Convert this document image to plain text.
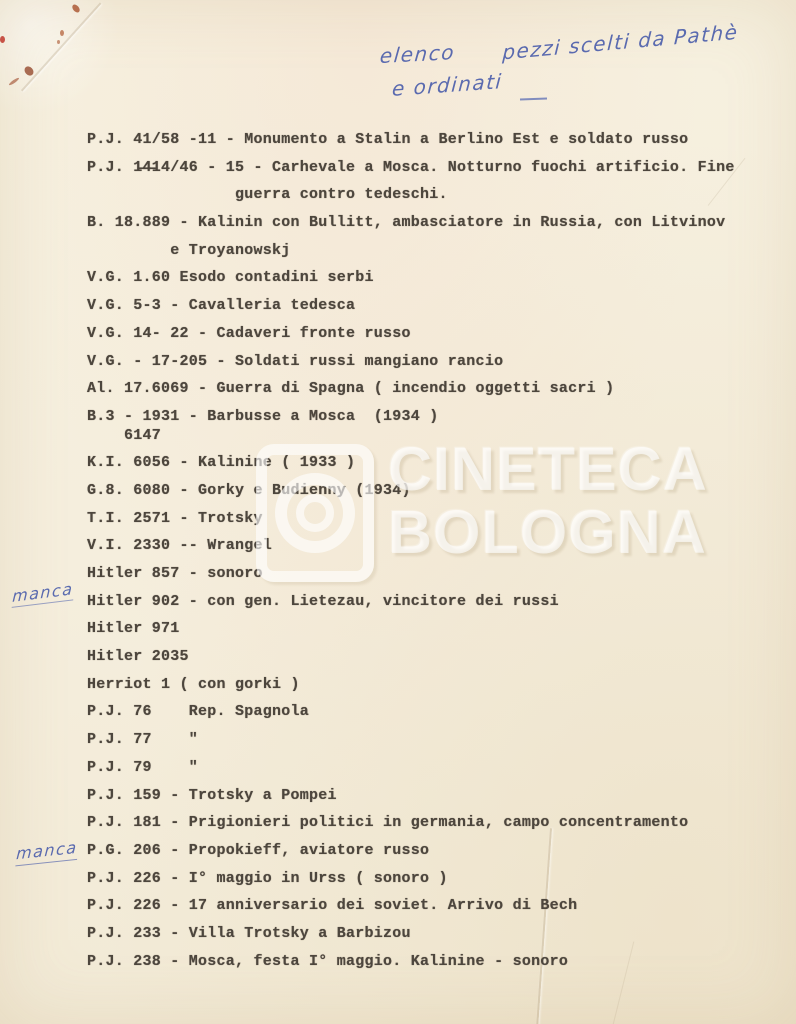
P.J. 41/58 -11 - Monumento a Stalin a Berlino Est e soldato russo
P.J. 1̶4̶14/46 - 15 - Carhevale a Mosca. Notturno fuochi artificio. Fine
guerra contro tedeschi.
B. 18.889 - Kalinin con Bullitt, ambasciatore in Russia, con Litvinov
e Troyanowskj
V.G. 1.60 Esodo contadini serbi
V.G. 5-3 - Cavalleria tedesca
V.G. 14- 22 - Cadaveri fronte russo
V.G. - 17-205 - Soldati russi mangiano rancio
Al. 17.6069 - Guerra di Spagna ( incendio oggetti sacri )
B.3 - 1931 - Barbusse a Mosca  (1934 )
6147
K.I. 6056 - Kalinine ( 1933 )
G.8. 6080 - Gorky e Budienny (1934)
T.I. 2571 - Trotsky
V.I. 2330 -- Wrangel
Hitler 857 - sonoro
Hitler 902 - con gen. Lietezau, vincitore dei russi
Hitler 971
Hitler 2035
Herriot 1 ( con gorki )
P.J. 76    Rep. Spagnola
P.J. 77    "
P.J. 79    "
P.J. 159 - Trotsky a Pompei
P.J. 181 - Prigionieri politici in germania, campo concentramento
P.G. 206 - Propokieff, aviatore russo
P.J. 226 - I° maggio in Urss ( sonoro )
P.J. 226 - 17 anniversario dei soviet. Arrivo di Bech
P.J. 233 - Villa Trotsky a Barbizou
P.J. 238 - Mosca, festa I° maggio. Kalinine - sonoro
CINETECA
BOLOGNA
elenco pezzi scelti da Pathè
e ordinati
manca
manca
